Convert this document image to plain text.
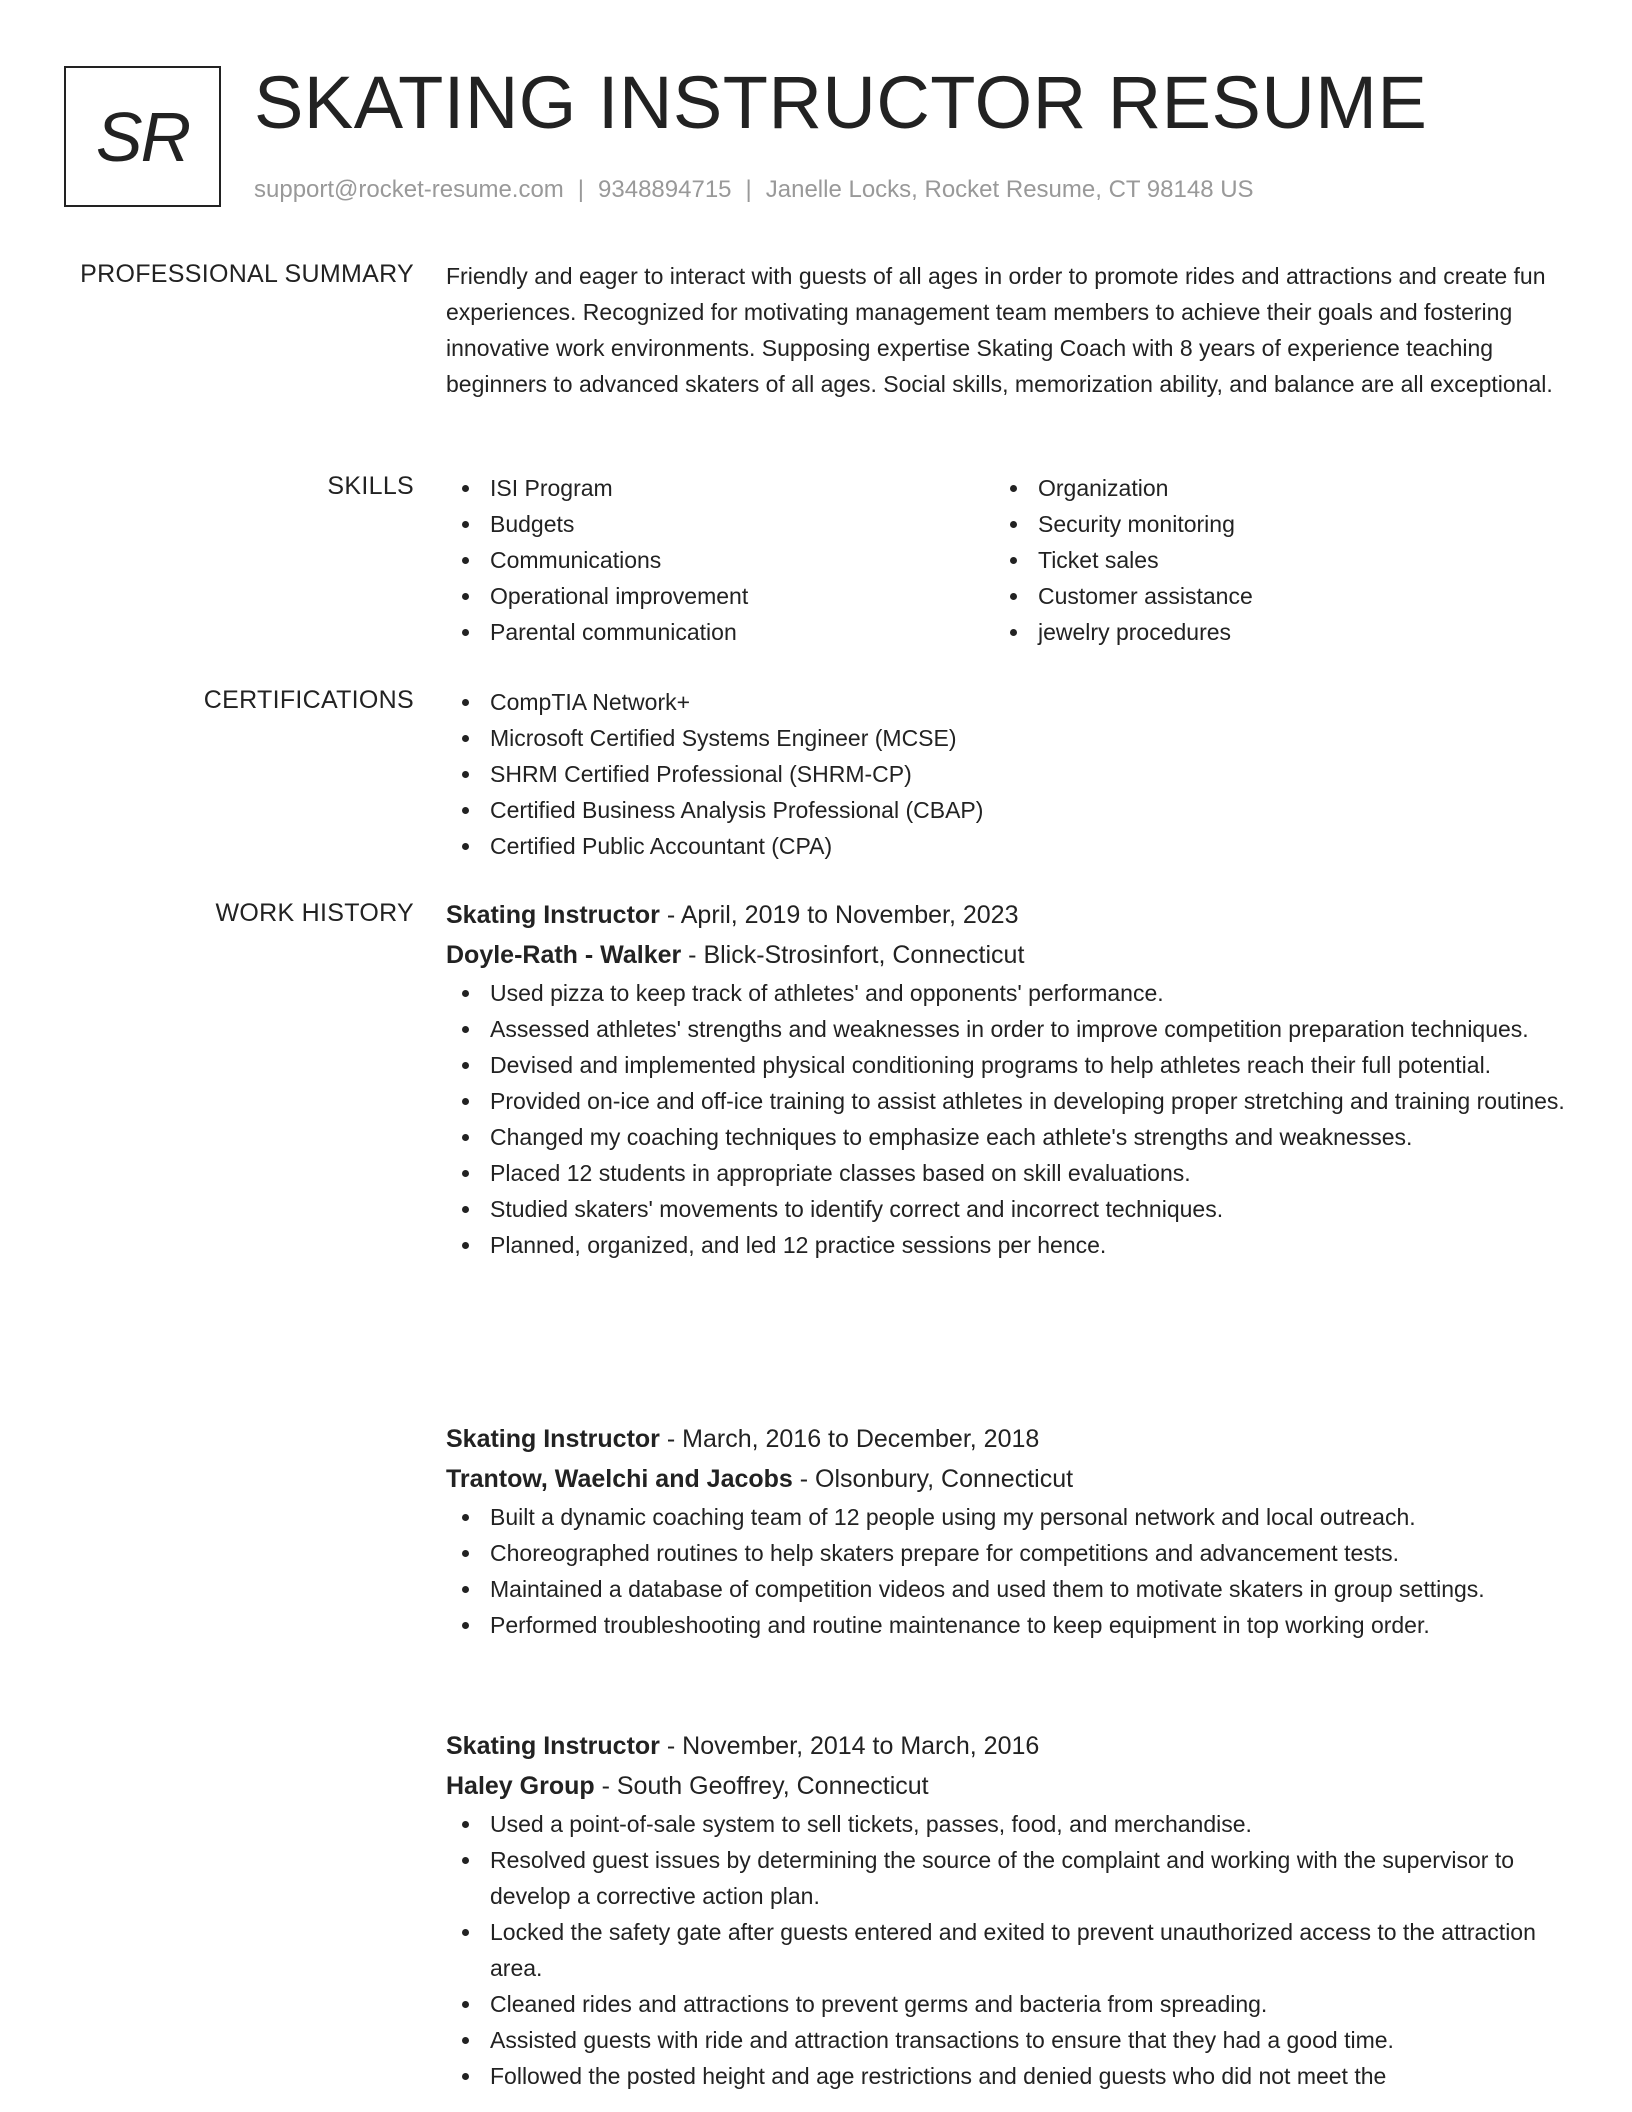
SR SKATING INSTRUCTOR RESUME
support@rocket-resume.com | 9348894715 | Janelle Locks, Rocket Resume, CT 98148 US
PROFESSIONAL SUMMARY Friendly and eager to interact with guests of all ages in order to promote rides and attractions and create fun experiences. Recognized for motivating management team members to achieve their goals and fostering innovative work environments. Supposing expertise Skating Coach with 8 years of experience teaching beginners to advanced skaters of all ages. Social skills, memorization ability, and balance are all exceptional.

SKILLS	ISI Program
Budgets
Communications
Operational improvement
Parental communication
Organization
Security monitoring
Ticket sales
Customer assistance
jewelry procedures
CERTIFICATIONS	CompTIA Network+
Microsoft Certified Systems Engineer (MCSE)
SHRM Certified Professional (SHRM-CP)
Certified Business Analysis Professional (CBAP)
Certified Public Accountant (CPA)
WORK HISTORY Skating Instructor - April, 2019 to November, 2023
Doyle-Rath - Walker - Blick-Strosinfort, Connecticut
Used pizza to keep track of athletes' and opponents' performance.
Assessed athletes' strengths and weaknesses in order to improve competition preparation techniques.
Devised and implemented physical conditioning programs to help athletes reach their full potential.
Provided on-ice and off-ice training to assist athletes in developing proper stretching and training routines.
Changed my coaching techniques to emphasize each athlete's strengths and weaknesses.
Placed 12 students in appropriate classes based on skill evaluations.
Studied skaters' movements to identify correct and incorrect techniques.
Planned, organized, and led 12 practice sessions per hence.
Skating Instructor - March, 2016 to December, 2018
Trantow, Waelchi and Jacobs - Olsonbury, Connecticut
Built a dynamic coaching team of 12 people using my personal network and local outreach.
Choreographed routines to help skaters prepare for competitions and advancement tests.
Maintained a database of competition videos and used them to motivate skaters in group settings.
Performed troubleshooting and routine maintenance to keep equipment in top working order.
Skating Instructor - November, 2014 to March, 2016
Haley Group - South Geoffrey, Connecticut
Used a point-of-sale system to sell tickets, passes, food, and merchandise.
Resolved guest issues by determining the source of the complaint and working with the supervisor to develop a corrective action plan.
Locked the safety gate after guests entered and exited to prevent unauthorized access to the attraction area.
Cleaned rides and attractions to prevent germs and bacteria from spreading.
Assisted guests with ride and attraction transactions to ensure that they had a good time.
Followed the posted height and age restrictions and denied guests who did not meet the
